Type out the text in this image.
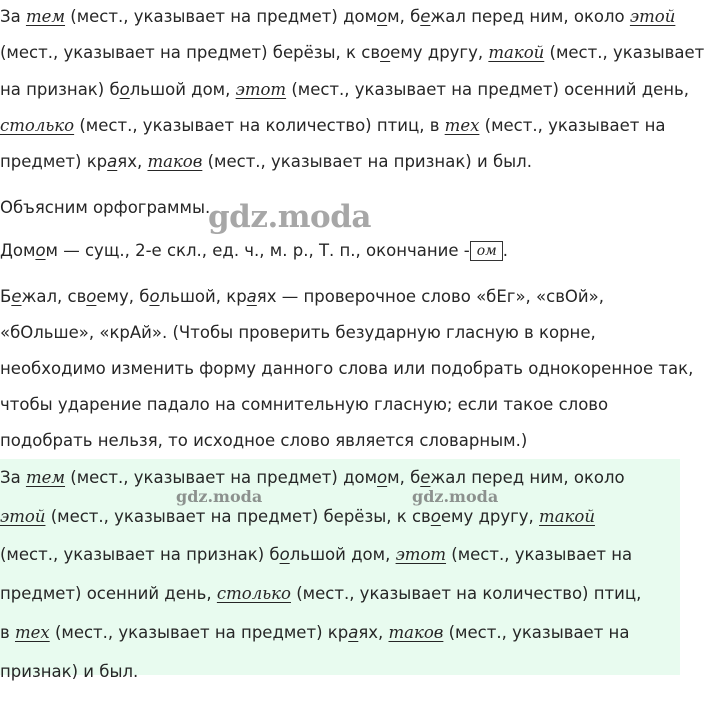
За тем (мест., указывает на предмет) домом, бежал перед ним, около этой
(мест., указывает на предмет) берёзы, к своему другу, такой (мест., указывает
на признак) большой дом, этот (мест., указывает на предмет) осенний день,
столько (мест., указывает на количество) птиц, в тех (мест., указывает на
предмет) краях, таков (мест., указывает на признак) и был.
Объясним орфограммы.
gdz.moda
Домом — сущ., 2-е скл., ед. ч., м. р., Т. п., окончание - ом .
Бежал, своему, большой, краях — проверочное слово «бЕг», «свОй»,
«бОльше», «крАй». (Чтобы проверить безударную гласную в корне,
необходимо изменить форму данного слова или подобрать однокоренное так,
чтобы ударение падало на сомнительную гласную; если такое слово
подобрать нельзя, то исходное слово является словарным.)
За тем (мест., указывает на предмет) домом, бежал перед ним, около
gdz.moda	gdz.moda
этой (мест., указывает на предмет) берёзы, к своему другу, такой
(мест., указывает на признак) большой дом, этот (мест., указывает на
предмет) осенний день, столько (мест., указывает на количество) птиц,
в тех (мест., указывает на предмет) краях, таков (мест., указывает на
признак) и был.
